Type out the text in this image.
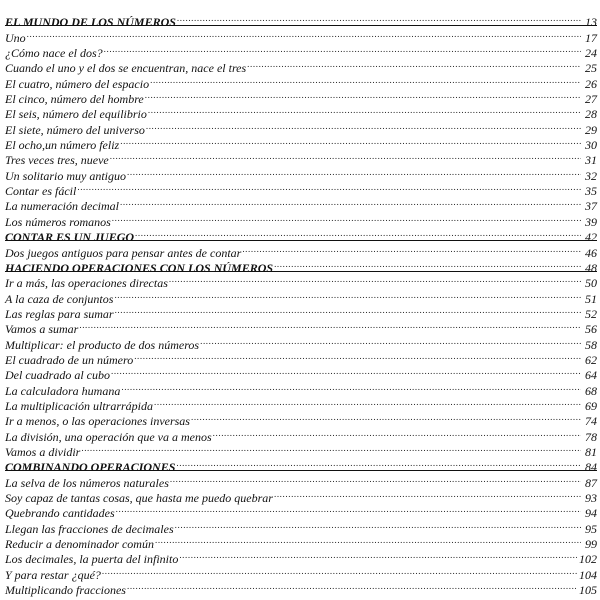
EL MUNDO DE LOS NÚMEROS .....	13
Uno .....	17
¿Cómo nace el dos? .....	24
Cuando el uno y el dos se encuentran, nace el tres .....	25
El cuatro, número del espacio .....	26
El cinco, número del hombre .....	27
El seis, número del equilibrio .....	28
El siete, número del universo .....	29
El ocho,un número feliz .....	30
Tres veces tres, nueve .....	31
Un solitario muy antiguo .....	32
Contar es fácil .....	35
La numeración decimal .....	37
Los números romanos .....	39
CONTAR ES UN JUEGO .....	42
Dos juegos antiguos para pensar antes de contar .....	46
HACIENDO OPERACIONES CON LOS NÚMEROS .....	48
Ir a más, las operaciones directas .....	50
A la caza de conjuntos .....	51
Las reglas para sumar .....	52
Vamos a sumar .....	56
Multiplicar: el producto de dos números .....	58
El cuadrado de un número .....	62
Del cuadrado al cubo .....	64
La calculadora humana .....	68
La multiplicación ultrarrápida .....	69
Ir a menos, o las operaciones inversas .....	74
La división, una operación que va a menos .....	78
Vamos a dividir .....	81
COMBINANDO OPERACIONES .....	84
La selva de los números naturales .....	87
Soy capaz de tantas cosas, que hasta me puedo quebrar .....	93
Quebrando cantidades .....	94
Llegan las fracciones de decimales .....	95
Reducir a denominador común .....	99
Los decimales, la puerta del infinito .....	102
Y para restar ¿qué? .....	104
Multiplicando fracciones .....	105
